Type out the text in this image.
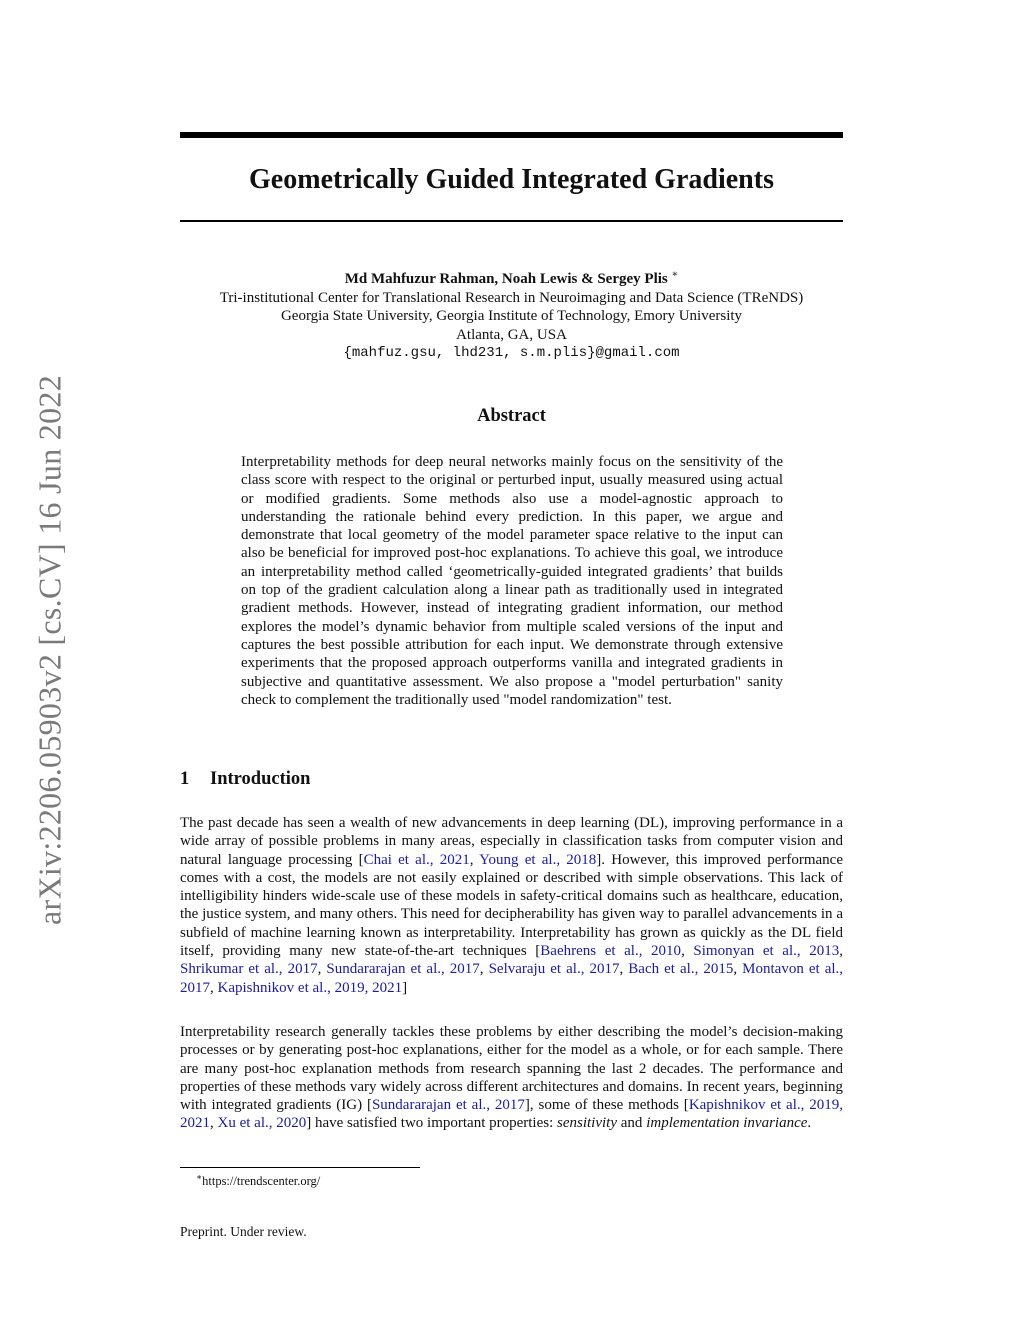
arXiv:2206.05903v2 [cs.CV] 16 Jun 2022
Geometrically Guided Integrated Gradients
Md Mahfuzur Rahman, Noah Lewis & Sergey Plis ∗
Tri-institutional Center for Translational Research in Neuroimaging and Data Science (TReNDS)
Georgia State University, Georgia Institute of Technology, Emory University
Atlanta, GA, USA
{mahfuz.gsu, lhd231, s.m.plis}@gmail.com
Abstract

Interpretability methods for deep neural networks mainly focus on the sensitivity of the class score with respect to the original or perturbed input, usually measured using actual or modified gradients. Some methods also use a model-agnostic approach to understanding the rationale behind every prediction. In this paper, we argue and demonstrate that local geometry of the model parameter space relative to the input can also be beneficial for improved post-hoc explanations. To achieve this goal, we introduce an interpretability method called ‘geometrically-guided integrated gradients’ that builds on top of the gradient calculation along a linear path as traditionally used in integrated gradient methods. However, instead of integrating gradient information, our method explores the model’s dynamic behavior from multiple scaled versions of the input and captures the best possible attribution for each input. We demonstrate through extensive experiments that the proposed approach outperforms vanilla and integrated gradients in subjective and quantitative assessment. We also propose a "model perturbation" sanity check to complement the traditionally used "model randomization" test.

1 Introduction

The past decade has seen a wealth of new advancements in deep learning (DL), improving performance in a wide array of possible problems in many areas, especially in classification tasks from computer vision and natural language processing [Chai et al., 2021, Young et al., 2018]. However, this improved performance comes with a cost, the models are not easily explained or described with simple observations. This lack of intelligibility hinders wide-scale use of these models in safety-critical domains such as healthcare, education, the justice system, and many others. This need for decipherability has given way to parallel advancements in a subfield of machine learning known as interpretability. Interpretability has grown as quickly as the DL field itself, providing many new state-of-the-art techniques [Baehrens et al., 2010, Simonyan et al., 2013, Shrikumar et al., 2017, Sundararajan et al., 2017, Selvaraju et al., 2017, Bach et al., 2015, Montavon et al., 2017, Kapishnikov et al., 2019, 2021]

Interpretability research generally tackles these problems by either describing the model’s decision-making processes or by generating post-hoc explanations, either for the model as a whole, or for each sample. There are many post-hoc explanation methods from research spanning the last 2 decades. The performance and properties of these methods vary widely across different architectures and domains. In recent years, beginning with integrated gradients (IG) [Sundararajan et al., 2017], some of these methods [Kapishnikov et al., 2019, 2021, Xu et al., 2020] have satisfied two important properties: sensitivity and implementation invariance.

∗https://trendscenter.org/
Preprint. Under review.
